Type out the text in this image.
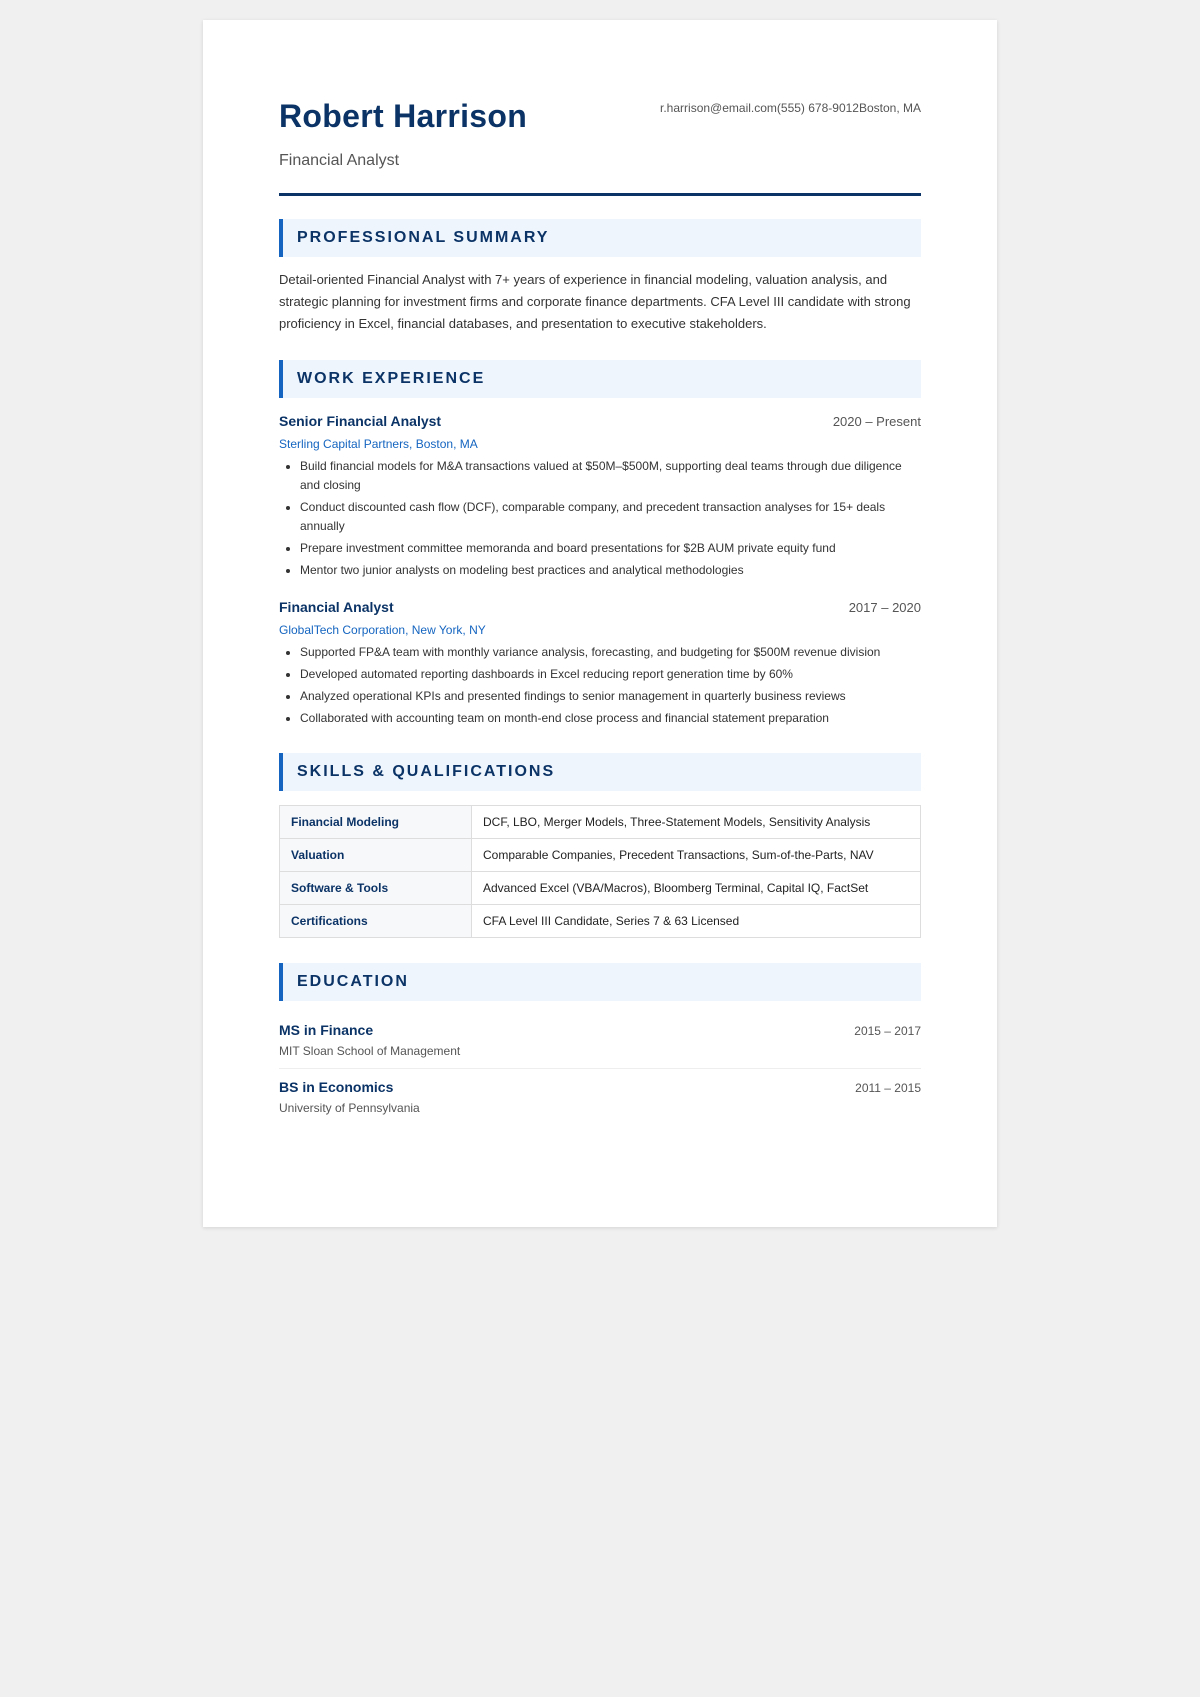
Robert Harrison
Financial Analyst
r.harrison@email.com(555) 678-9012Boston, MA
PROFESSIONAL SUMMARY

Detail-oriented Financial Analyst with 7+ years of experience in financial modeling, valuation analysis, and strategic planning for investment firms and corporate finance departments. CFA Level III candidate with strong proficiency in Excel, financial databases, and presentation to executive stakeholders.

WORK EXPERIENCE
Senior Financial Analyst	2020 – Present
Sterling Capital Partners, Boston, MA
• Build financial models for M&A transactions valued at $50M–$500M, supporting deal teams through due diligence and closing
• Conduct discounted cash flow (DCF), comparable company, and precedent transaction analyses for 15+ deals annually
• Prepare investment committee memoranda and board presentations for $2B AUM private equity fund
• Mentor two junior analysts on modeling best practices and analytical methodologies
Financial Analyst	2017 – 2020
GlobalTech Corporation, New York, NY
• Supported FP&A team with monthly variance analysis, forecasting, and budgeting for $500M revenue division
• Developed automated reporting dashboards in Excel reducing report generation time by 60%
• Analyzed operational KPIs and presented findings to senior management in quarterly business reviews
• Collaborated with accounting team on month-end close process and financial statement preparation
SKILLS & QUALIFICATIONS
Financial Modeling	DCF, LBO, Merger Models, Three-Statement Models, Sensitivity Analysis
Valuation	Comparable Companies, Precedent Transactions, Sum-of-the-Parts, NAV
Software & Tools	Advanced Excel (VBA/Macros), Bloomberg Terminal, Capital IQ, FactSet
Certifications	CFA Level III Candidate, Series 7 & 63 Licensed
EDUCATION
MS in Finance	2015 – 2017
MIT Sloan School of Management
BS in Economics	2011 – 2015
University of Pennsylvania
